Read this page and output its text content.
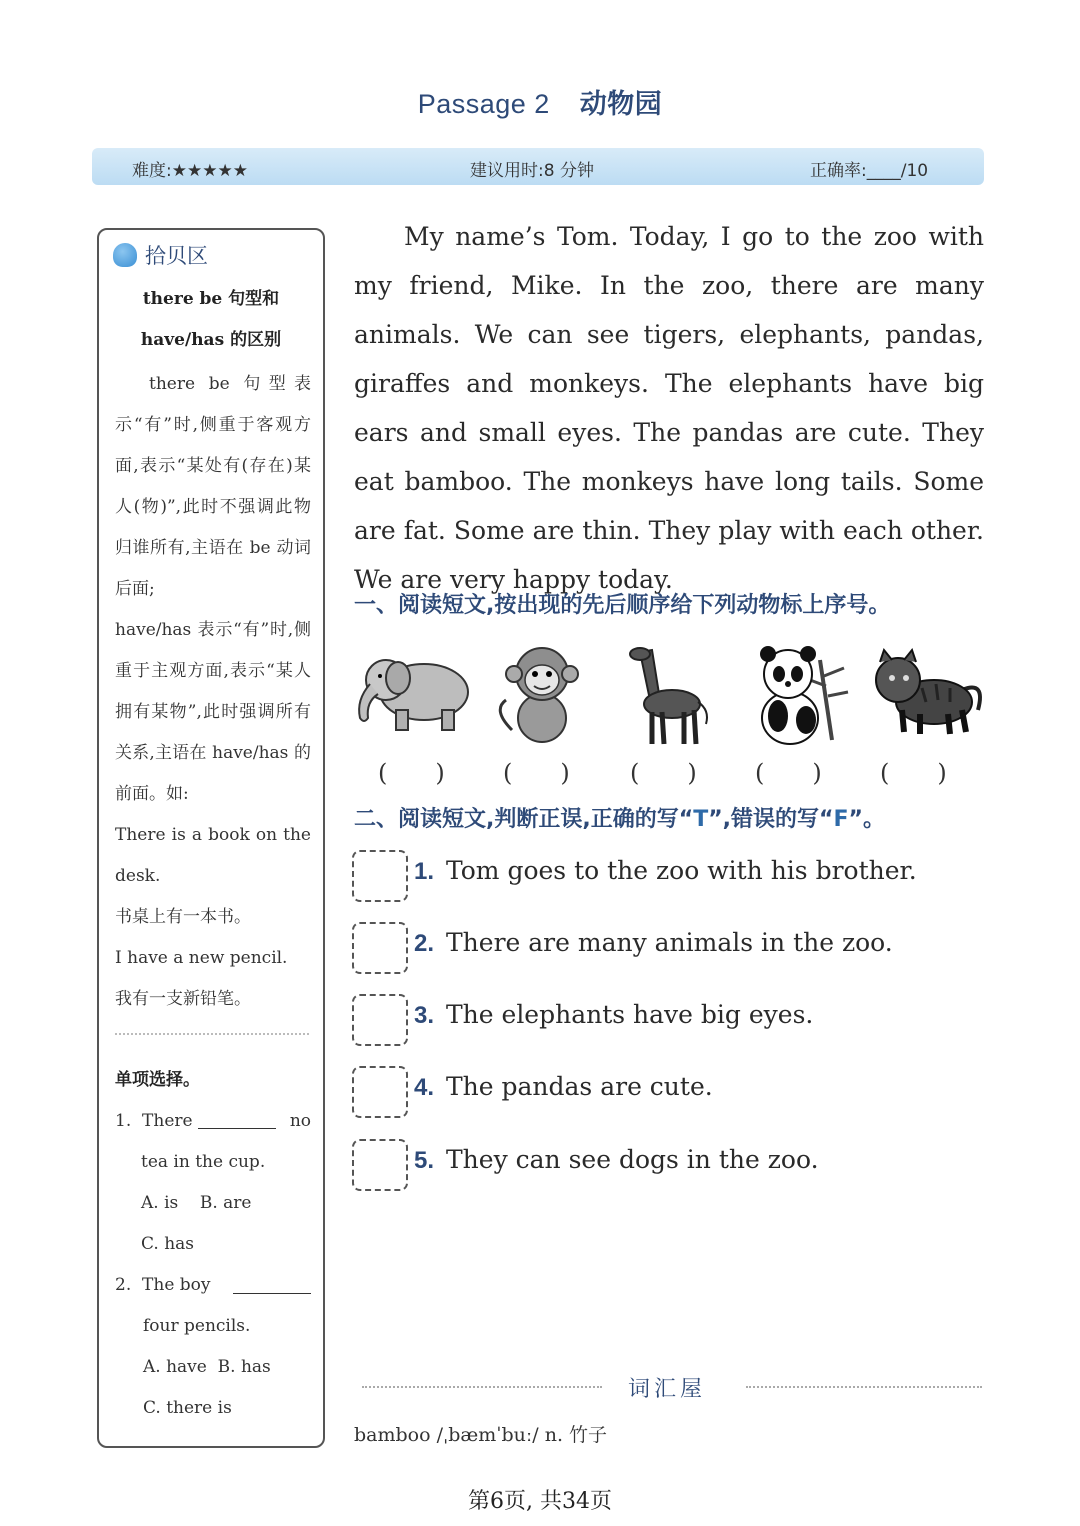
Passage 2 动物园
难度:★★★★★	建议用时:8 分钟	正确率:____/10
拾贝区
there be 句型和
have/has 的区别

there be 句型表示“有”时,侧重于客观方面,表示“某处有(存在)某人(物)”,此时不强调此物归谁所有,主语在 be 动词后面;

have/has 表示“有”时,侧重于主观方面,表示“某人拥有某物”,此时强调所有关系,主语在 have/has 的前面。如:

There is a book on the desk.

书桌上有一本书。

I have a new pencil.

我有一支新铅笔。

单项选择。
1. There	no
tea in the cup.
A. is B. are
C. has
2. The boy
four pencils.
A. have B. has
C. there is

My name’s Tom. Today, I go to the zoo with my friend, Mike. In the zoo, there are many animals. We can see tigers, elephants, pandas, giraffes and monkeys. The elephants have big ears and small eyes. The pandas are cute. They eat bamboo. The monkeys have long tails. Some are fat. Some are thin. They play with each other. We are very happy today.

一、阅读短文,按出现的先后顺序给下列动物标上序号。
(　　) (　　)	(　　) (　　) (　　)
二、阅读短文,判断正误,正确的写“T”,错误的写“F”。
1. Tom goes to the zoo with his brother.
2. There are many animals in the zoo.
3. The elephants have big eyes.
4. The pandas are cute.
5. They can see dogs in the zoo.
词汇屋
bamboo /ˌbæmˈbuː/ n. 竹子
第6页, 共34页
